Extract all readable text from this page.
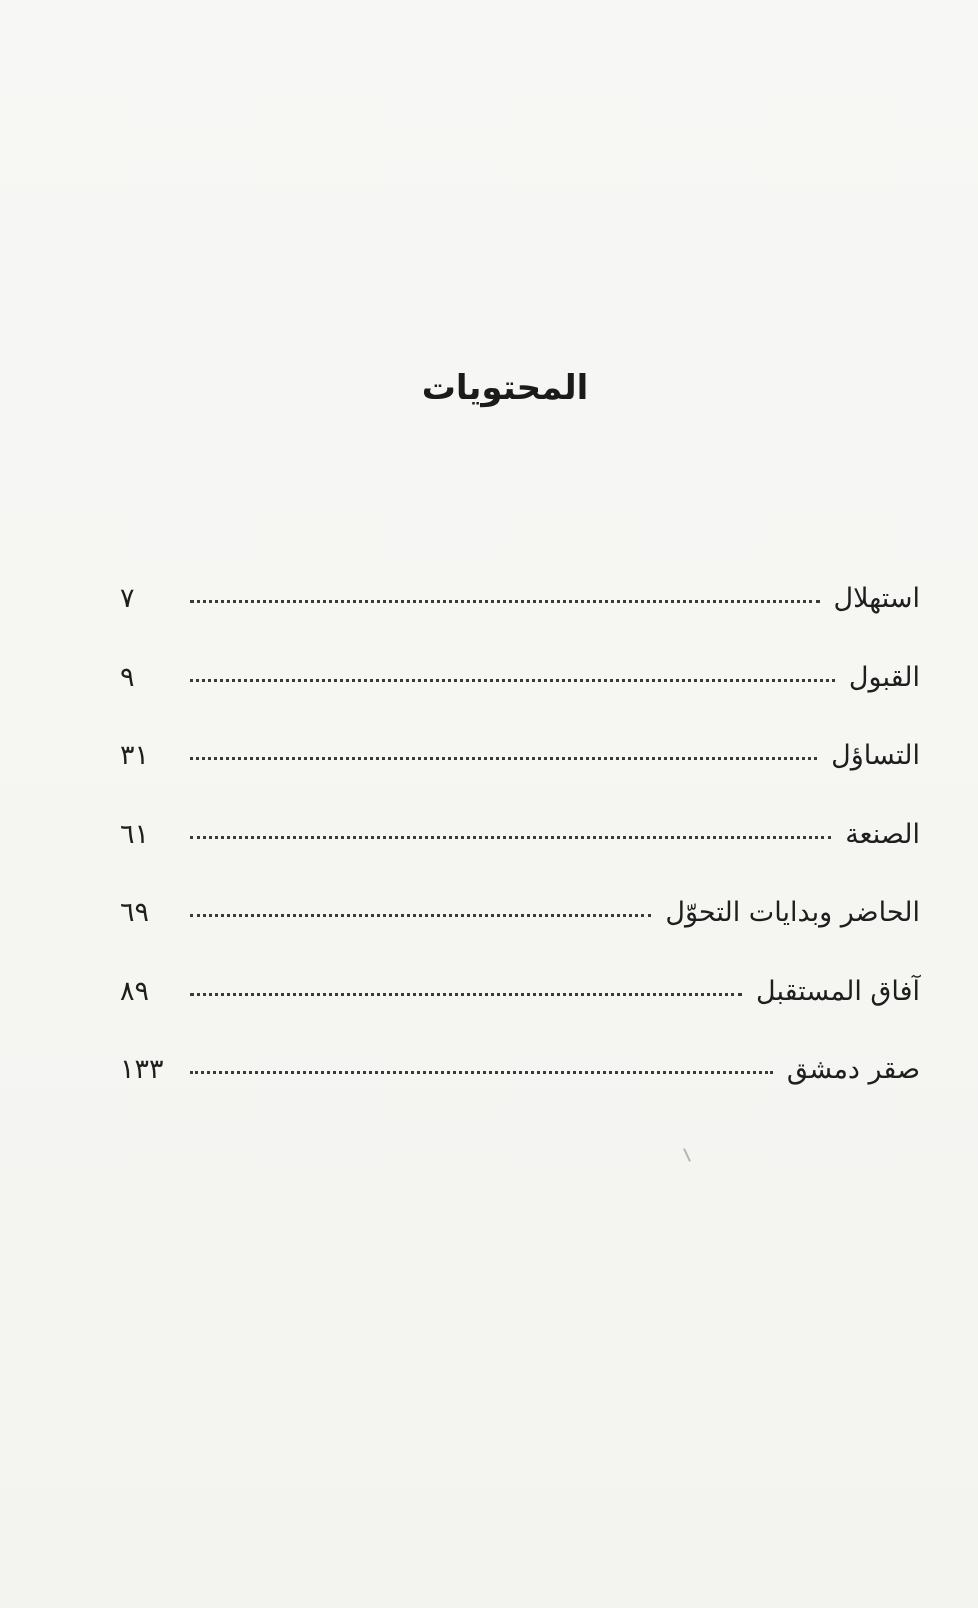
المحتويات
استهلال
٧
القبول
٩
التساؤل
٣١
الصنعة
٦١
الحاضر وبدايات التحوّل
٦٩
آفاق المستقبل
٨٩
صقر دمشق
١٣٣
